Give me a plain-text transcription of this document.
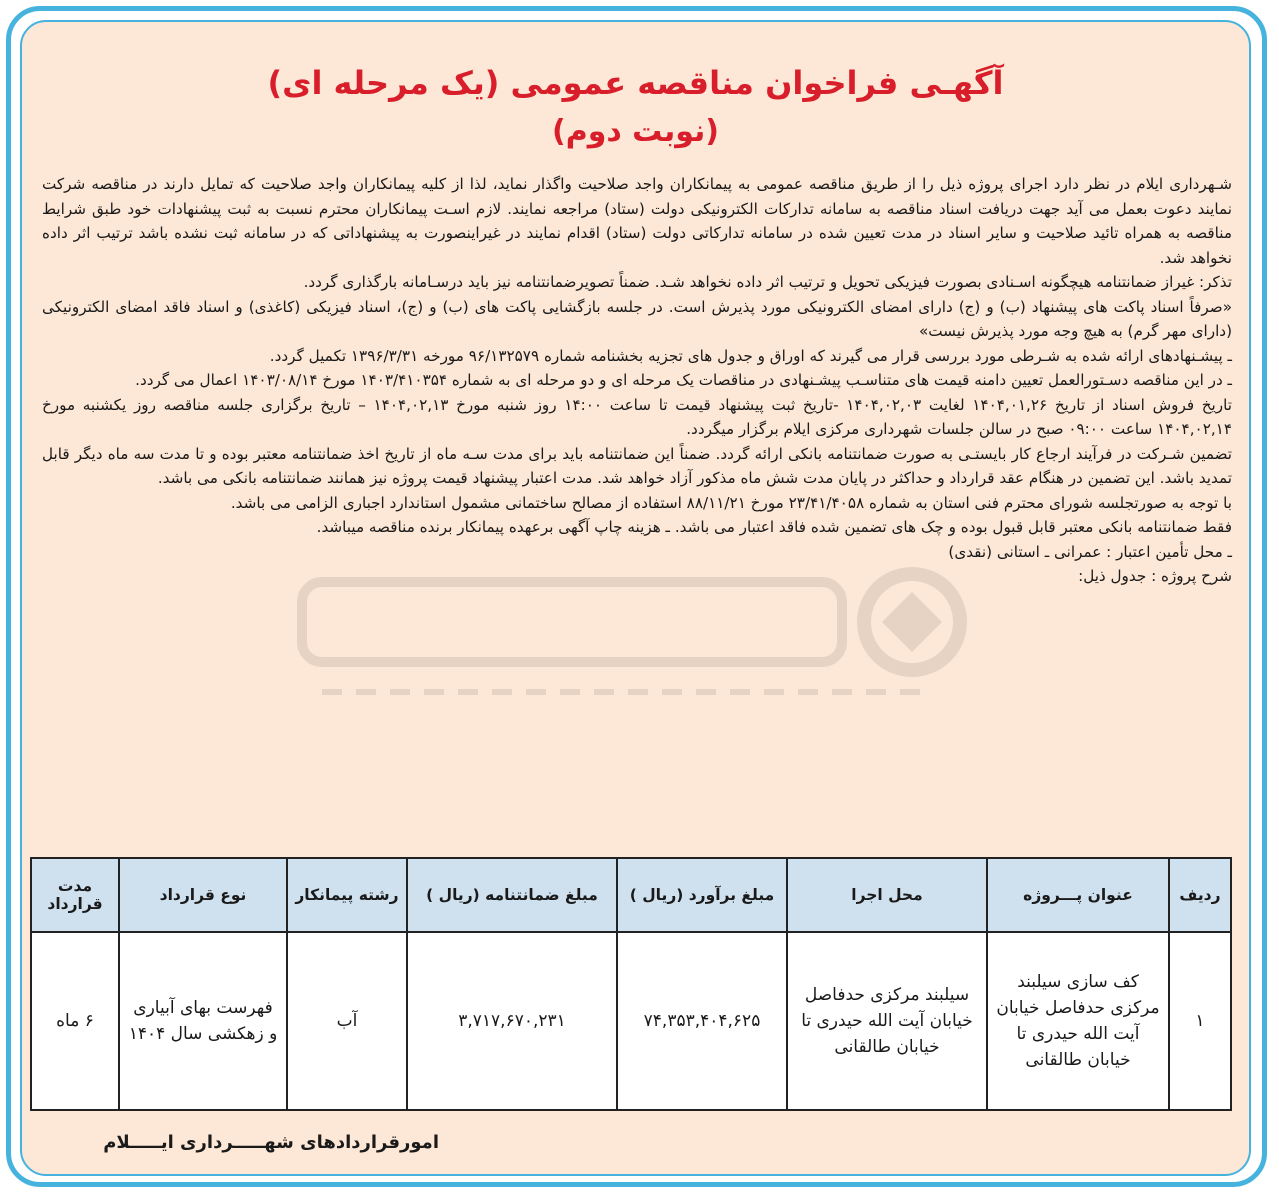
آگهـی فراخوان مناقصه عمومی (یک مرحله ای)
(نوبت دوم)

شـهرداری ایلام در نظر دارد اجرای پروژه ذیل را از طریق مناقصه عمومی به پیمانکاران واجد صلاحیت واگذار نماید، لذا از کلیه پیمانکاران واجد صلاحیت که تمایل دارند در مناقصه شرکت نمایند دعوت بعمل می آید جهت دریافت اسناد مناقصه به سامانه تدارکات الکترونیکی دولت (ستاد) مراجعه نمایند. لازم اسـت پیمانکاران محترم نسبت به ثبت پیشنهادات خود طبق شرایط مناقصه به همراه تائید صلاحیت و سایر اسناد در مدت تعیین شده در سامانه تدارکاتی دولت (ستاد) اقدام نمایند در غیراینصورت به پیشنهاداتی که در سامانه ثبت نشده باشد ترتیب اثر داده نخواهد شد.

تذکر: غیراز ضمانتنامه هیچگونه اسـنادی بصورت فیزیکی تحویل و ترتیب اثر داده نخواهد شـد. ضمناً تصویرضمانتنامه نیز باید درسـامانه بارگذاری گردد.

«صرفاً اسناد پاکت های پیشنهاد (ب) و (ج) دارای امضای الکترونیکی مورد پذیرش است. در جلسه بازگشایی پاکت های (ب) و (ج)، اسناد فیزیکی (کاغذی) و اسناد فاقد امضای الکترونیکی (دارای مهر گرم) به هیچ وجه مورد پذیرش نیست»

ـ پیشـنهادهای ارائه شده به شـرطی مورد بررسی قرار می گیرند که اوراق و جدول های تجزیه بخشنامه شماره ۹۶/۱۳۲۵۷۹ مورخه ۱۳۹۶/۳/۳۱ تکمیل گردد.

ـ در این مناقصه دسـتورالعمل تعیین دامنه قیمت های متناسـب پیشـنهادی در مناقصات یک مرحله ای و دو مرحله ای به شماره ۱۴۰۳/۴۱۰۳۵۴ مورخ ۱۴۰۳/۰۸/۱۴ اعمال می گردد.

تاریخ فروش اسناد از تاریخ ۱۴۰۴,۰۱,۲۶ لغایت ۱۴۰۴,۰۲,۰۳ -تاریخ ثبت پیشنهاد قیمت تا ساعت ۱۴:۰۰ روز شنبه مورخ ۱۴۰۴,۰۲,۱۳ – تاریخ برگزاری جلسه مناقصه روز یکشنبه مورخ ۱۴۰۴,۰۲,۱۴ ساعت ۰۹:۰۰ صبح در سالن جلسات شهرداری مرکزی ایلام برگزار میگردد.

تضمین شـرکت در فرآیند ارجاع کار بایستـی به صورت ضمانتنامه بانکی ارائه گردد. ضمناً این ضمانتنامه باید برای مدت سـه ماه از تاریخ اخذ ضمانتنامه معتبر بوده و تا مدت سه ماه دیگر قابل تمدید باشد. این تضمین در هنگام عقد قرارداد و حداکثر در پایان مدت شش ماه مذکور آزاد خواهد شد. مدت اعتبار پیشنهاد قیمت پروژه نیز همانند ضمانتنامه بانکی می باشد.

با توجه به صورتجلسه شورای محترم فنی استان به شماره ۲۳/۴۱/۴۰۵۸ مورخ ۸۸/۱۱/۲۱ استفاده از مصالح ساختمانی مشمول استاندارد اجباری الزامی می باشد.

فقط ضمانتنامه بانکی معتبر قابل قبول بوده و چک های تضمین شده فاقد اعتبار می باشد. ـ هزینه چاپ آگهی برعهده پیمانکار برنده مناقصه میباشد.

ـ محل تأمین اعتبار : عمرانی ـ استانی (نقدی)

شرح پروژه : جدول ذیل:

ردیف	عنوان پـــروژه	محل اجرا	مبلغ برآورد (ریال )	مبلغ ضمانتنامه (ریال )	رشته پیمانکار	نوع قرارداد	مدت قرارداد
۱	کف سازی سیلبند مرکزی حدفاصل خیابان آیت الله حیدری تا خیابان طالقانی	سیلبند مرکزی حدفاصل خیابان آیت الله حیدری تا خیابان طالقانی	۷۴,۳۵۳,۴۰۴,۶۲۵	۳,۷۱۷,۶۷۰,۲۳۱	آب	فهرست بهای آبیاری و زهکشی سال ۱۴۰۴	۶ ماه
امورقراردادهای شهـــــرداری ایـــــلام
